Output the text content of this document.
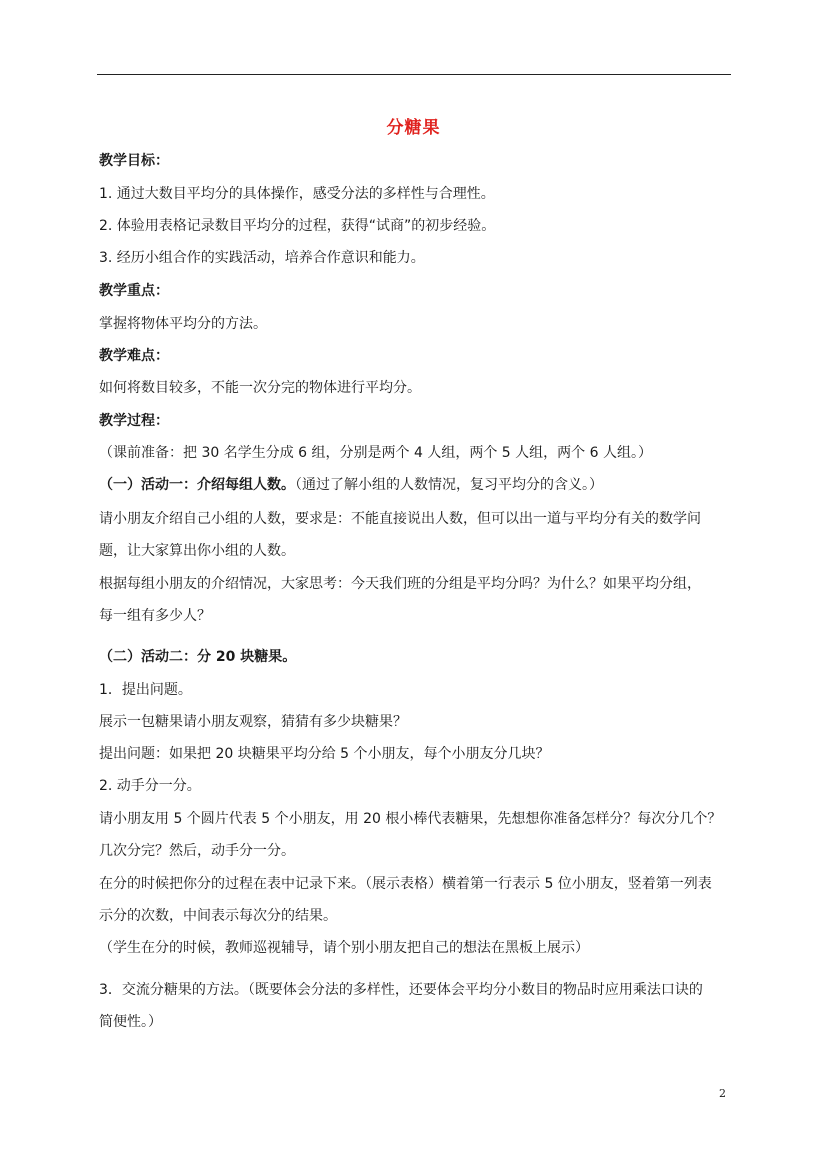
分糖果
教学目标：
1. 通过大数目平均分的具体操作，感受分法的多样性与合理性。
2. 体验用表格记录数目平均分的过程，获得“试商”的初步经验。
3. 经历小组合作的实践活动，培养合作意识和能力。
教学重点：
掌握将物体平均分的方法。
教学难点：
如何将数目较多，不能一次分完的物体进行平均分。
教学过程：
（课前准备：把 30 名学生分成 6 组，分别是两个 4 人组，两个 5 人组，两个 6 人组。）
（一）活动一：介绍每组人数。（通过了解小组的人数情况，复习平均分的含义。）
请小朋友介绍自己小组的人数，要求是：不能直接说出人数，但可以出一道与平均分有关的数学问
题，让大家算出你小组的人数。
根据每组小朋友的介绍情况，大家思考：今天我们班的分组是平均分吗？为什么？如果平均分组，
每一组有多少人？
（二）活动二：分 20 块糖果。
1．提出问题。
展示一包糖果请小朋友观察，猜猜有多少块糖果？
提出问题：如果把 20 块糖果平均分给 5 个小朋友，每个小朋友分几块？
2. 动手分一分。
请小朋友用 5 个圆片代表 5 个小朋友，用 20 根小棒代表糖果，先想想你准备怎样分？每次分几个？
几次分完？然后，动手分一分。
在分的时候把你分的过程在表中记录下来。（展示表格）横着第一行表示 5 位小朋友，竖着第一列表
示分的次数，中间表示每次分的结果。
（学生在分的时候，教师巡视辅导，请个别小朋友把自己的想法在黑板上展示）
3．交流分糖果的方法。（既要体会分法的多样性，还要体会平均分小数目的物品时应用乘法口诀的
简便性。）
2
